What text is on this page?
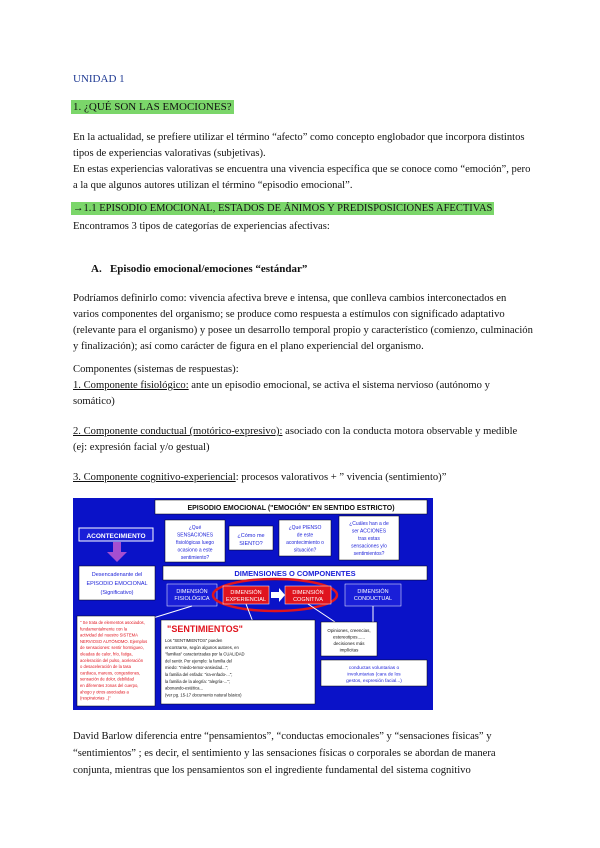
UNIDAD 1
1. ¿QUÉ SON LAS EMOCIONES?
En la actualidad, se prefiere utilizar el término “afecto” como concepto englobador que incorpora distintos tipos de experiencias valorativas (subjetivas).
En estas experiencias valorativas se encuentra una vivencia específica que se conoce como “emoción”, pero a la que algunos autores utilizan el término “episodio emocional”.
→1.1 EPISODIO EMOCIONAL, ESTADOS DE ÁNIMOS Y PREDISPOSICIONES AFECTIVAS
Encontramos 3 tipos de categorías de experiencias afectivas:
A. Episodio emocional/emociones “estándar”
Podríamos definirlo como: vivencia afectiva breve e intensa, que conlleva cambios interconectados en varios componentes del organismo; se produce como respuesta a estímulos con significado adaptativo (relevante para el organismo) y posee un desarrollo temporal propio y característico (comienzo, culminación y finalización); así como carácter de figura en el plano experiencial del organismo.
Componentes (sistemas de respuestas):
1. Componente fisiológico: ante un episodio emocional, se activa el sistema nervioso (autónomo y somático)
2. Componente conductual (motórico-expresivo): asociado con la conducta motora observable y medible (ej: expresión facial y/o gestual)
3. Componente cognitivo-experiencial: procesos valorativos + ” vivencia (sentimiento)”
EPISODIO EMOCIONAL ("EMOCIÓN" EN SENTIDO ESTRICTO)
ACONTECIMIENTO
¿Qué
SENSACIONES
fisiológicas luego
ocasiono a este
sentimiento?
¿Cómo me
SIENTO?
¿Qué PIENSO
de este
acontecimiento o
situación?
¿Cuáles han a de
ser ACCIONES
tras estas
sensaciones y/o
sentimientos?
Desencadenante del
EPISODIO EMOCIONAL
(Significativo)
DIMENSIONES O COMPONENTES
DIMENSIÓN
FISIOLÓGICA
DIMENSIÓN
EXPERIENCIAL
DIMENSIÓN
COGNITIVA
DIMENSIÓN
CONDUCTUAL
" Se trata de elementos asociados,
fundamentalmente con la
actividad del nuestro SISTEMA
NERVIOSO AUTÓNOMO. Ejemplos
de sensaciones: sentir hormigueo,
oleadas de calor, frío, fatiga,
aceleración del pulso, aceleración
o desaceleración de la tasa
cardiaca, mareos, congestiones,
sensación de dolor, debilidad
en diferentes zonas del cuerpo,
ahogo y otros asociadas a
(respiratorias ..)"
"SENTIMIENTOS"
Los "SENTIMIENTOS" pueden
encontrarse, según algunos autores, en
"familias" caracterizadas por la CUALIDAD
del sentir. Por ejemplo: la familia del
miedo: "miedo-temor-ansiedad...";
la familia del enfado: "ira-enfado-...";
la familia de la alegría: "alegría-...";
abonando-estética...
(ver pg. 15-17 documento natural básico)
Opiniones, creencias,
estereotipos......
decisiones más
implícitas
conductas voluntarias o
involuntarias (cara de los
gestos, expresión facial...)
David Barlow diferencia entre “pensamientos”, “conductas emocionales” y “sensaciones físicas” y “sentimientos” ; es decir, el sentimiento y las sensaciones físicas o corporales se abordan de manera conjunta, mientras que los pensamientos son el ingrediente fundamental del sistema cognitivo
